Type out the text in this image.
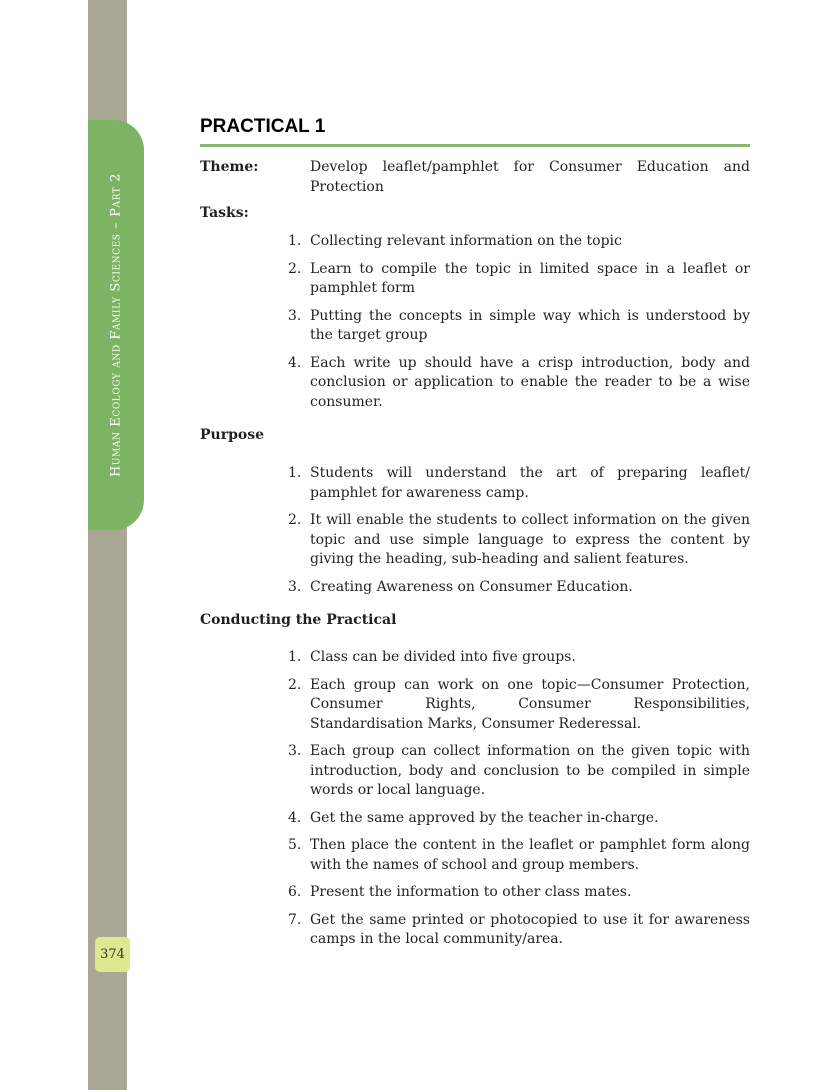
Human Ecology and Family Sciences – Part 2
374
PRACTICAL 1
Theme:	Develop leaflet/pamphlet for Consumer Education and Protection
Tasks:
1. Collecting relevant information on the topic
2. Learn to compile the topic in limited space in a leaflet or pamphlet form
3. Putting the concepts in simple way which is understood by the target group
4. Each write up should have a crisp introduction, body and conclusion or application to enable the reader to be a wise consumer.
Purpose
1. Students will understand the art of preparing leaflet/ pamphlet for awareness camp.
2. It will enable the students to collect information on the given topic and use simple language to express the content by giving the heading, sub-heading and salient features.
3. Creating Awareness on Consumer Education.
Conducting the Practical
1. Class can be divided into five groups.
2. Each group can work on one topic—Consumer Protection, Consumer Rights, Consumer Responsibilities, Standardisation Marks, Consumer Rederessal.
3. Each group can collect information on the given topic with introduction, body and conclusion to be compiled in simple words or local language.
4. Get the same approved by the teacher in-charge.
5. Then place the content in the leaflet or pamphlet form along with the names of school and group members.
6. Present the information to other class mates.
7. Get the same printed or photocopied to use it for awareness camps in the local community/area.
